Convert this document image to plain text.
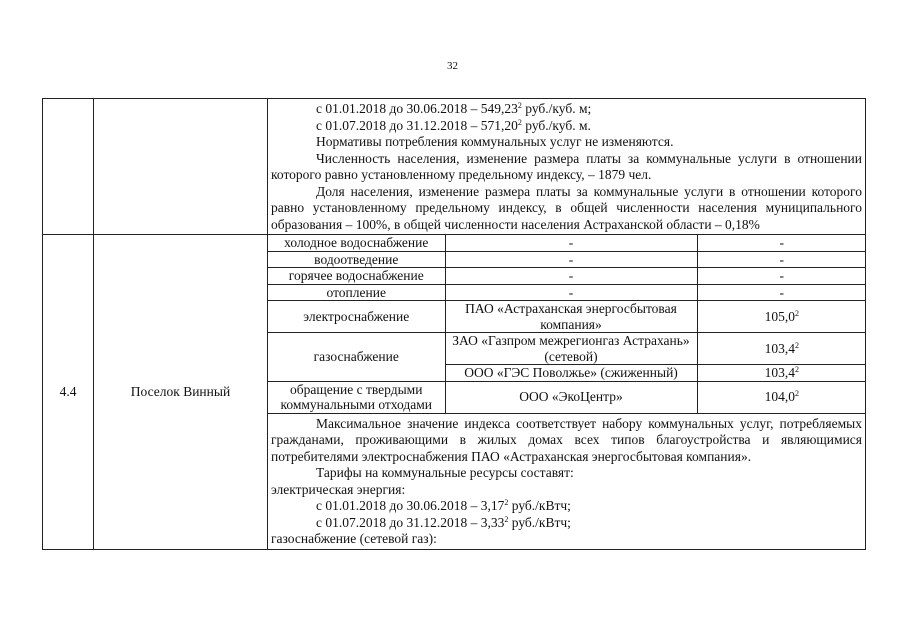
32

с 01.01.2018 до 30.06.2018 – 549,23$^2$ руб./куб. м;
с 01.07.2018 до 31.12.2018 – 571,20$^2$ руб./куб. м.
Нормативы потребления коммунальных услуг не изменяются.
Численность населения, изменение размера платы за коммунальные услуги в отношении которого равно установленному предельному индексу, – 1879 чел.
Доля населения, изменение размера платы за коммунальные услуги в отношении которого равно установленному предельному индексу, в общей численности населения муниципального образования – 100%, в общей численности населения Астраханской области – 0,18%

4.4	Поселок Винный	
холодное водоснабжение	-	-
водоотведение	-	-
горячее водоснабжение	-	-
отопление	-	-
электроснабжение	ПАО «Астраханская энергосбытовая компания»	105,0$^2$
газоснабжение	ЗАО «Газпром межрегионгаз Астрахань» (сетевой)	103,4$^2$
ООО «ГЭС Поволжье» (сжиженный)	103,4$^2$
обращение с твердыми коммунальными отходами	ООО «ЭкоЦентр»	104,0$^2$
Максимальное значение индекса соответствует набору коммунальных услуг, потребляемых гражданами, проживающими в жилых домах всех типов благоустройства и являющимися потребителями электроснабжения ПАО «Астраханская энергосбытовая компания».
Тарифы на коммунальные ресурсы составят:
электрическая энергия:
с 01.01.2018 до 30.06.2018 – 3,17$^2$ руб./кВтч;
с 01.07.2018 до 31.12.2018 – 3,33$^2$ руб./кВтч;
газоснабжение (сетевой газ):
